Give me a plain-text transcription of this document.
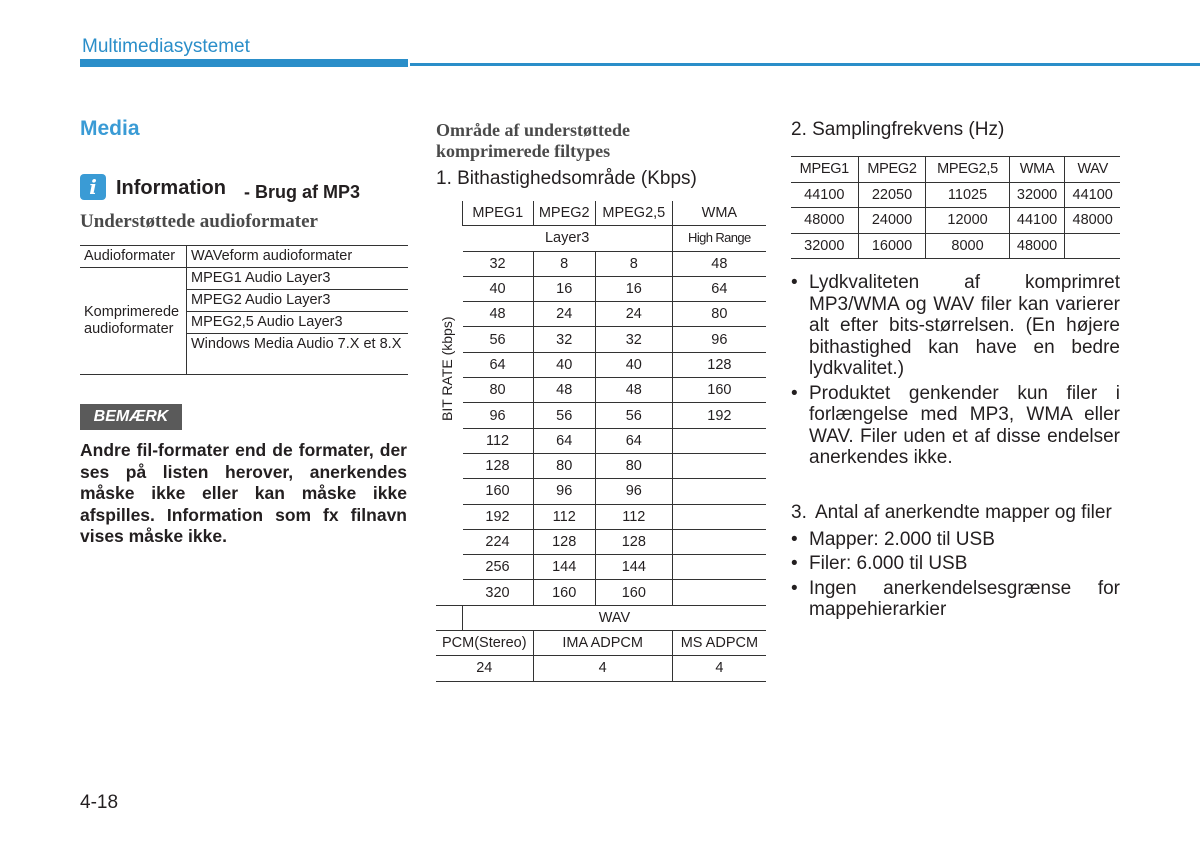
Multimediasystemet
Media
i Information - Brug af MP3
Understøttede audioformater
Audioformater	WAVeform audioformater
Komprimerede audioformater	MPEG1 Audio Layer3
	MPEG2 Audio Layer3
	MPEG2,5 Audio Layer3
	Windows Media Audio 7.X et 8.X
BEMÆRK
Andre fil-formater end de formater, der ses på listen herover, anerkendes måske ikke eller kan måske ikke afspilles. Information som fx filnavn vises måske ikke.
Område af understøttede komprimerede filtypes
1. Bithastighedsområde (Kbps)
BIT RATE (kbps)	MPEG1	MPEG2	MPEG2,5	WMA
	Layer3			High Range
	32	8	8	48
	40	16	16	64
	48	24	24	80
	56	32	32	96
	64	40	40	128
	80	48	48	160
	96	56	56	192
	112	64	64	
	128	80	80	
	160	96	96	
	192	112	112	
	224	128	128	
	256	144	144	
	320	160	160	
	WAV			
PCM(Stereo)		IMA ADPCM		MS ADPCM
24		4		4
2. Samplingfrekvens (Hz)
MPEG1	MPEG2	MPEG2,5	WMA	WAV
44100	22050	11025	32000	44100
48000	24000	12000	44100	48000
32000	16000	8000	48000	
• Lydkvaliteten af komprimret MP3/WMA og WAV filer kan varierer alt efter bits-størrelsen. (En højere bithastighed kan have en bedre lydkvalitet.)
• Produktet genkender kun filer i forlængelse med MP3, WMA eller WAV. Filer uden et af disse endelser anerkendes ikke.
3. Antal af anerkendte mapper og filer
• Mapper: 2.000 til USB
• Filer: 6.000 til USB
• Ingen anerkendelsesgrænse for mappehierarkier
4-18
